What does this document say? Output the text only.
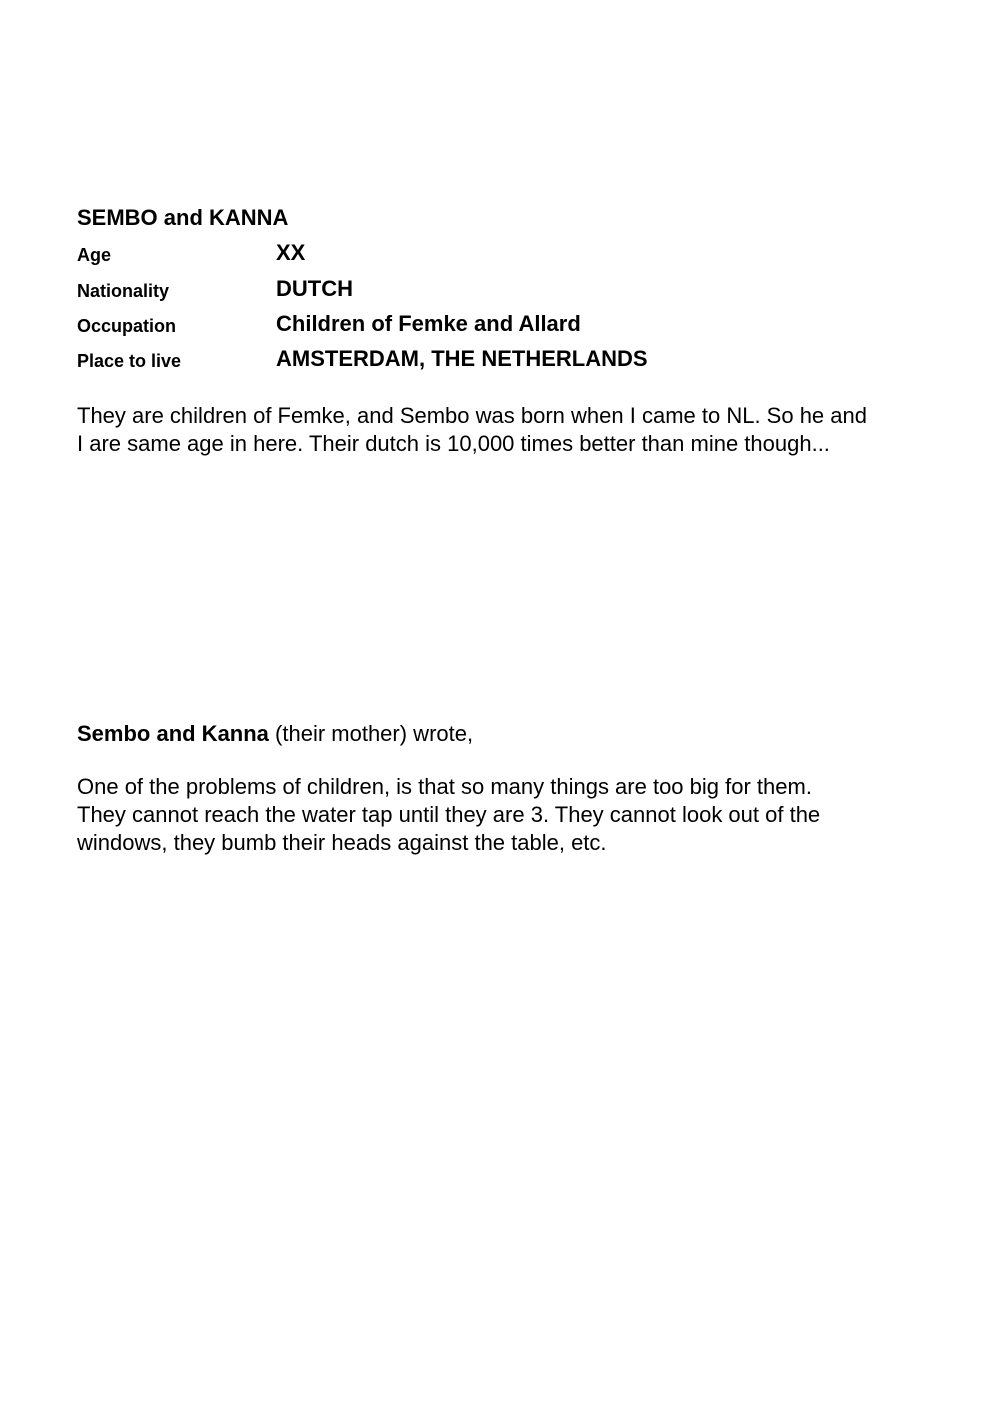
SEMBO and KANNA
Age	XX
Nationality	DUTCH
Occupation	Children of Femke and Allard
Place to live	AMSTERDAM, THE NETHERLANDS

They are children of Femke, and Sembo was born when I came to NL. So he and
I are same age in here. Their dutch is 10,000 times better than mine though...

Sembo and Kanna (their mother) wrote,

One of the problems of children, is that so many things are too big for them.
They cannot reach the water tap until they are 3. They cannot look out of the
windows, they bumb their heads against the table, etc.
